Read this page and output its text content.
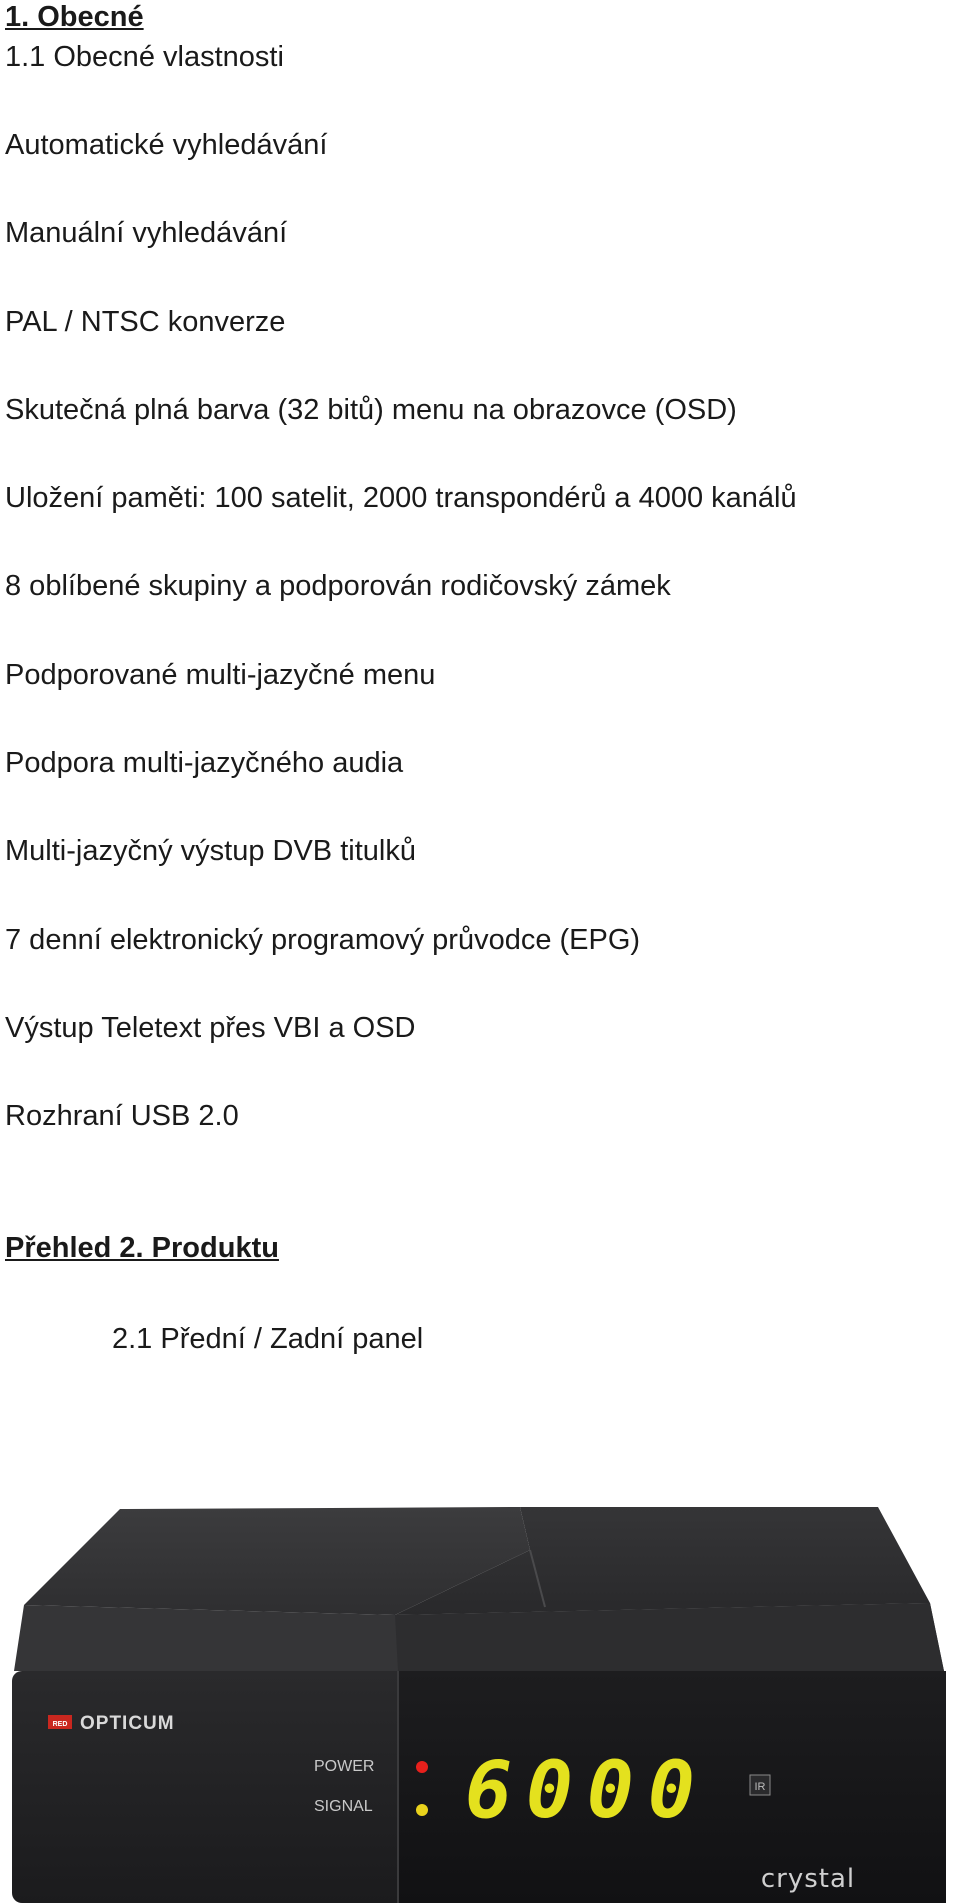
1. Obecné
1.1 Obecné vlastnosti
Automatické vyhledávání
Manuální vyhledávání
PAL / NTSC konverze
Skutečná plná barva (32 bitů) menu na obrazovce (OSD)
Uložení paměti: 100 satelit, 2000 transpondérů a 4000 kanálů
8 oblíbené skupiny a podporován rodičovský zámek
Podporované multi-jazyčné menu
Podpora multi-jazyčného audia
Multi-jazyčný výstup DVB titulků
7 denní elektronický programový průvodce (EPG)
Výstup Teletext přes VBI a OSD
Rozhraní USB 2.0
Přehled 2. Produktu
2.1 Přední / Zadní panel
RED OPTICUM
POWER
SIGNAL 6000	IR
crystal
